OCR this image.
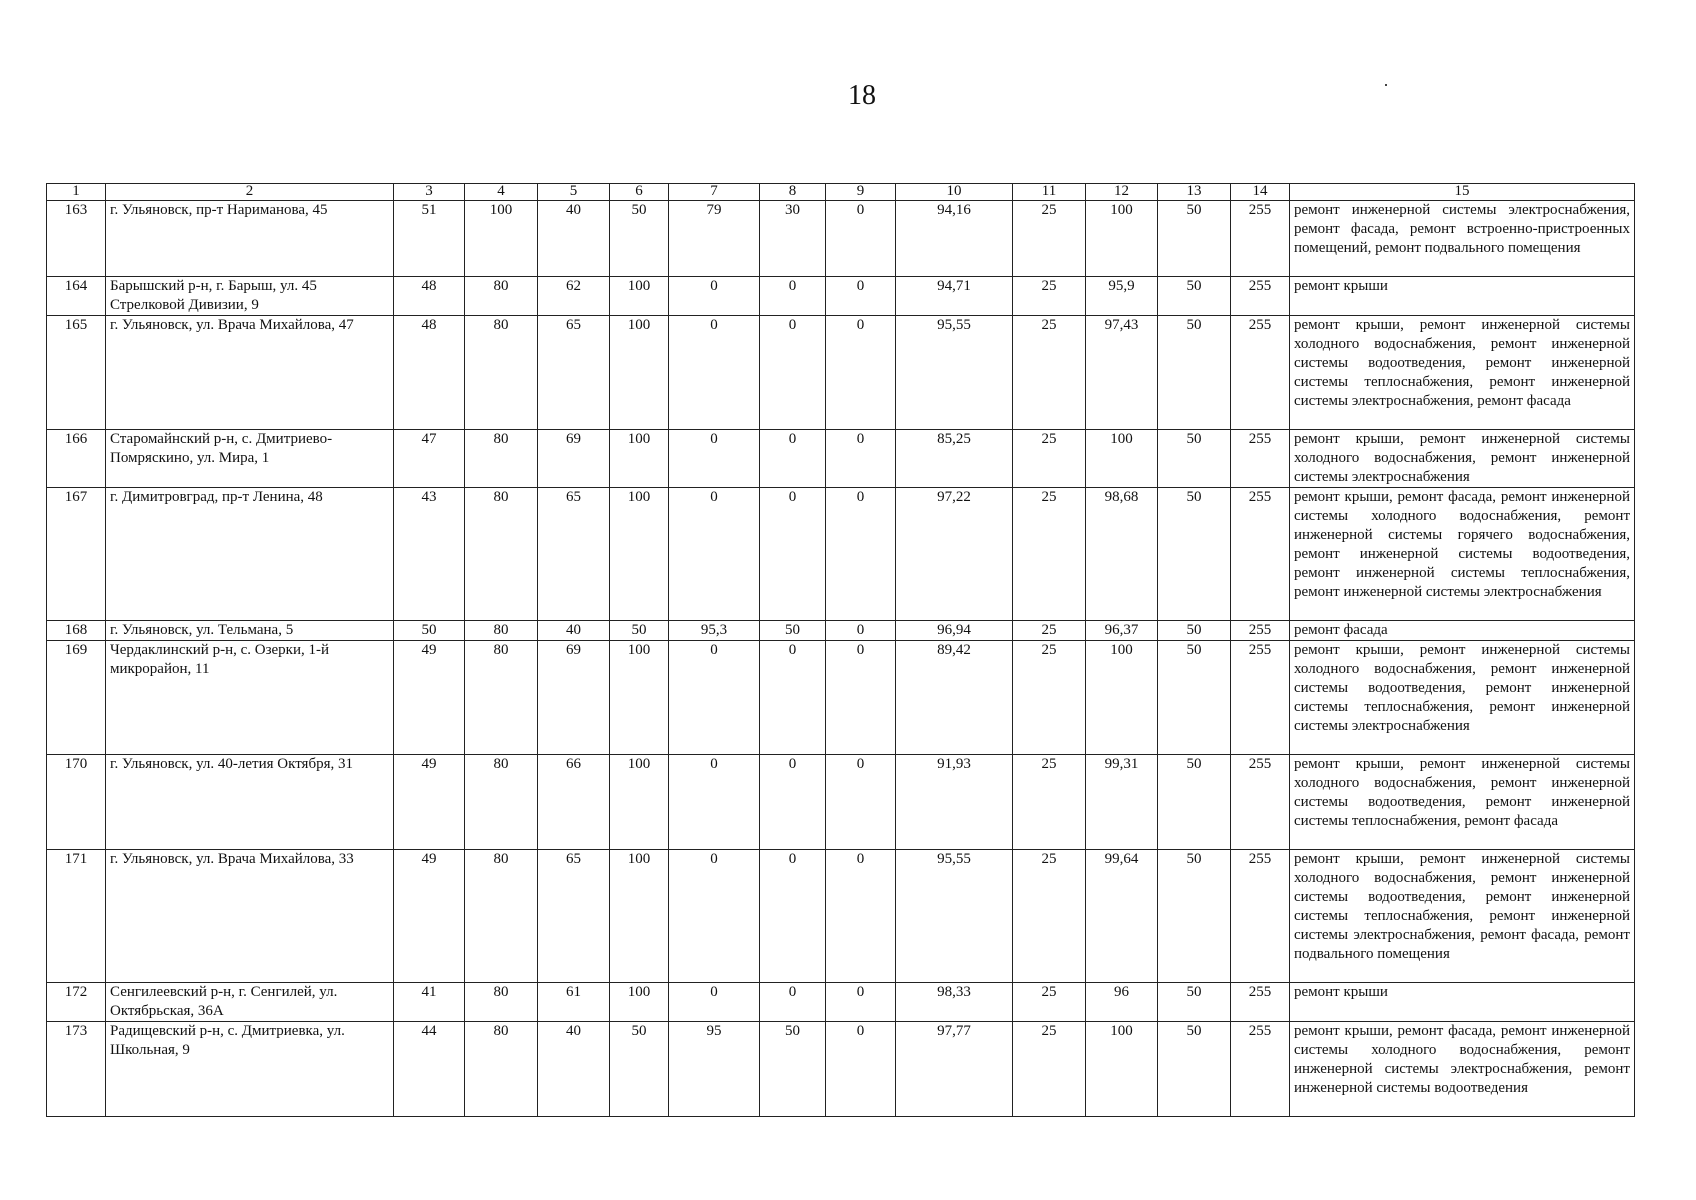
18
1	2	3	4	5	6	7	8	9	10	11	12	13	14	15
163	г. Ульяновск, пр-т Нариманова, 45	51	100	40	50	79	30	0	94,16	25	100	50	255	ремонт инженерной системы электроснабжения, ремонт фасада, ремонт встроенно-пристроенных помещений, ремонт подвального помещения
164	Барышский р-н, г. Барыш, ул. 45 Стрелковой Дивизии, 9	48	80	62	100	0	0	0	94,71	25	95,9	50	255	ремонт крыши
165	г. Ульяновск, ул. Врача Михайлова, 47	48	80	65	100	0	0	0	95,55	25	97,43	50	255	ремонт крыши, ремонт инженерной системы холодного водоснабжения, ремонт инженерной системы водоотведения, ремонт инженерной системы теплоснабжения, ремонт инженерной системы электроснабжения, ремонт фасада
166	Старомайнский р-н, с. Дмитриево-Помряскино, ул. Мира, 1	47	80	69	100	0	0	0	85,25	25	100	50	255	ремонт крыши, ремонт инженерной системы холодного водоснабжения, ремонт инженерной системы электроснабжения
167	г. Димитровград, пр-т Ленина, 48	43	80	65	100	0	0	0	97,22	25	98,68	50	255	ремонт крыши, ремонт фасада, ремонт инженерной системы холодного водоснабжения, ремонт инженерной системы горячего водоснабжения, ремонт инженерной системы водоотведения, ремонт инженерной системы теплоснабжения, ремонт инженерной системы электроснабжения
168	г. Ульяновск, ул. Тельмана, 5	50	80	40	50	95,3	50	0	96,94	25	96,37	50	255	ремонт фасада
169	Чердаклинский р-н, с. Озерки, 1-й микрорайон, 11	49	80	69	100	0	0	0	89,42	25	100	50	255	ремонт крыши, ремонт инженерной системы холодного водоснабжения, ремонт инженерной системы водоотведения, ремонт инженерной системы теплоснабжения, ремонт инженерной системы электроснабжения
170	г. Ульяновск, ул. 40-летия Октября, 31	49	80	66	100	0	0	0	91,93	25	99,31	50	255	ремонт крыши, ремонт инженерной системы холодного водоснабжения, ремонт инженерной системы водоотведения, ремонт инженерной системы теплоснабжения, ремонт фасада
171	г. Ульяновск, ул. Врача Михайлова, 33	49	80	65	100	0	0	0	95,55	25	99,64	50	255	ремонт крыши, ремонт инженерной системы холодного водоснабжения, ремонт инженерной системы водоотведения, ремонт инженерной системы теплоснабжения, ремонт инженерной системы электроснабжения, ремонт фасада, ремонт подвального помещения
172	Сенгилеевский р-н, г. Сенгилей, ул. Октябрьская, 36А	41	80	61	100	0	0	0	98,33	25	96	50	255	ремонт крыши
173	Радищевский р-н, с. Дмитриевка, ул. Школьная, 9	44	80	40	50	95	50	0	97,77	25	100	50	255	ремонт крыши, ремонт фасада, ремонт инженерной системы холодного водоснабжения, ремонт инженерной системы электроснабжения, ремонт инженерной системы водоотведения
